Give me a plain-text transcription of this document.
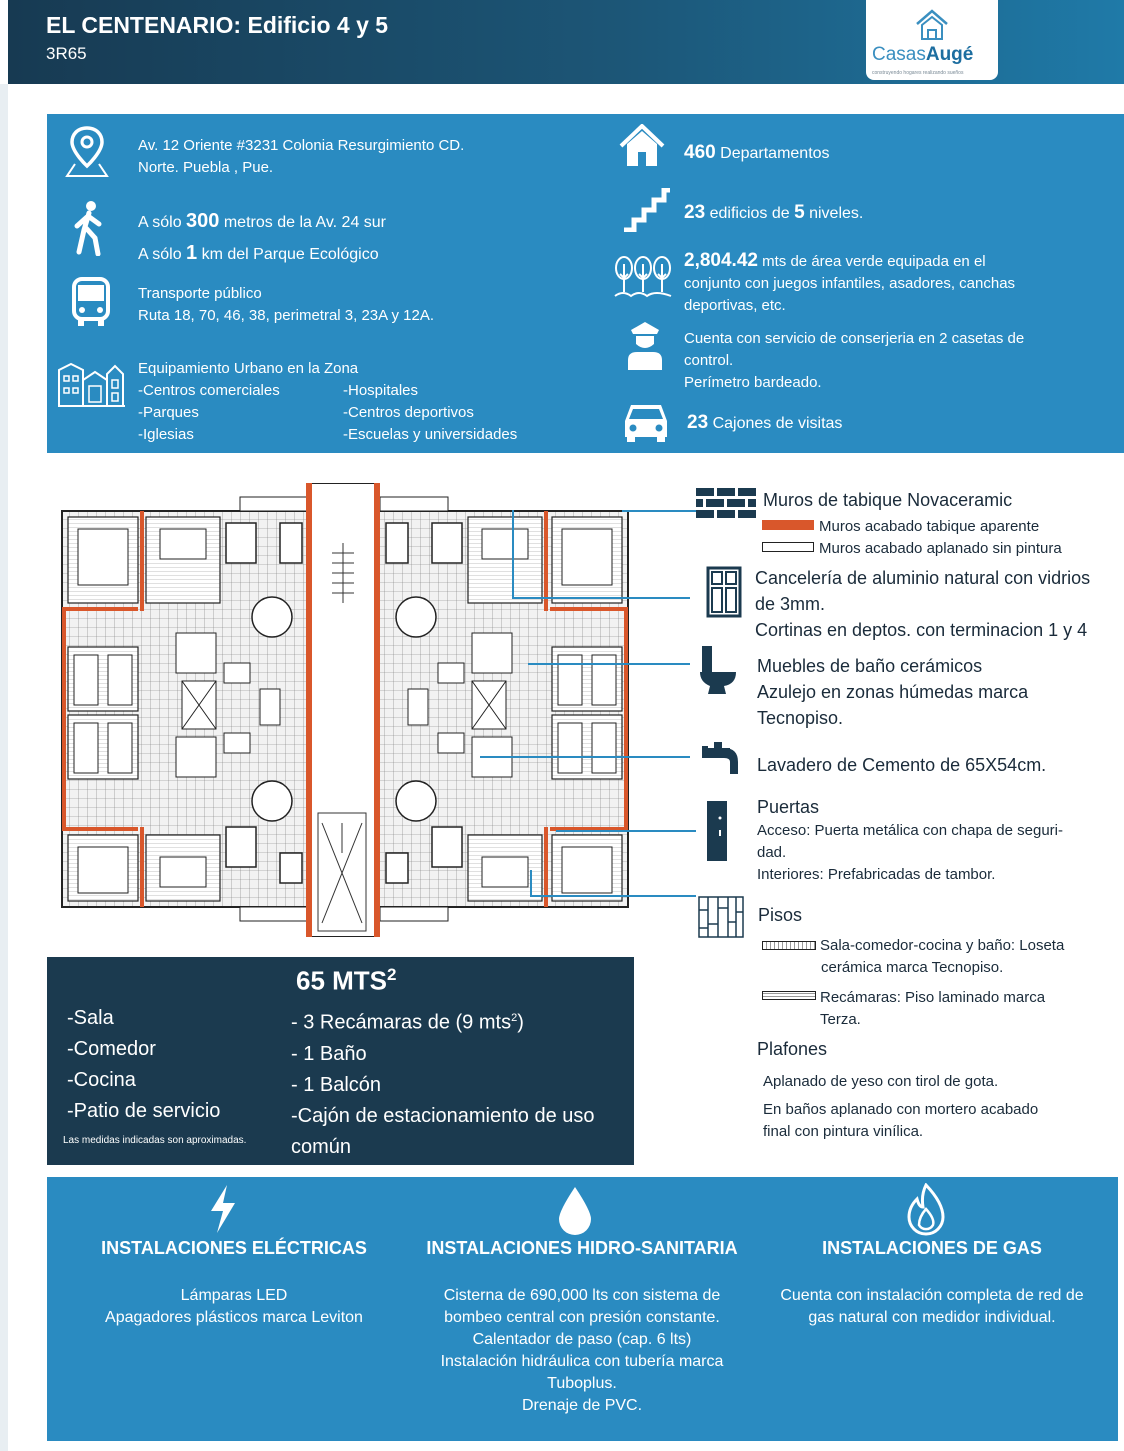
EL CENTENARIO: Edificio 4 y 5
3R65	CasasAugé
construyendo hogares realizando sueños
Av. 12 Oriente #3231 Colonia Resurgimiento CD.
Norte. Puebla , Pue.
A sólo 300 metros de la Av. 24 sur
A sólo 1 km del Parque Ecológico
Transporte público
Ruta 18, 70, 46, 38, perimetral 3, 23A y 12A.
Equipamiento Urbano en la Zona
-Centros comerciales
-Parques
-Iglesias
-Hospitales
-Centros deportivos
-Escuelas y universidades
460 Departamentos
23 edificios de 5 niveles.
2,804.42 mts de área verde equipada en el
conjunto con juegos infantiles, asadores, canchas
deportivas, etc.
Cuenta con servicio de conserjeria en 2 casetas de
control.
Perímetro bardeado.
23 Cajones de visitas
Muros de tabique Novaceramic
Muros acabado tabique aparente
Muros acabado aplanado sin pintura
Cancelería de aluminio natural con vidrios
de 3mm.
Cortinas en deptos. con terminacion 1 y 4
Muebles de baño cerámicos
Azulejo en zonas húmedas marca
Tecnopiso.
Lavadero de Cemento de 65X54cm.
Puertas
Acceso: Puerta metálica con chapa de seguri-
dad.
Interiores: Prefabricadas de tambor.
Pisos
Sala-comedor-cocina y baño: Loseta
cerámica marca Tecnopiso.
Recámaras: Piso laminado marca
Terza.
Plafones
Aplanado de yeso con tirol de gota.
En baños aplanado con mortero acabado
final con pintura vinílica.
65 MTS$^2$
-Sala
-Comedor
-Cocina
-Patio de servicio
- 3 Recámaras de (9 mts$^2$)
- 1 Baño
- 1 Balcón
-Cajón de estacionamiento de uso común
Las medidas indicadas son aproximadas.
INSTALACIONES ELÉCTRICAS
Lámparas LED
Apagadores plásticos marca Leviton
INSTALACIONES HIDRO-SANITARIA
Cisterna de 690,000 lts con sistema de
bombeo central con presión constante.
Calentador de paso (cap. 6 lts)
Instalación hidráulica con tubería marca
Tuboplus.
Drenaje de PVC.
INSTALACIONES DE GAS
Cuenta con instalación completa de red de
gas natural con medidor individual.
